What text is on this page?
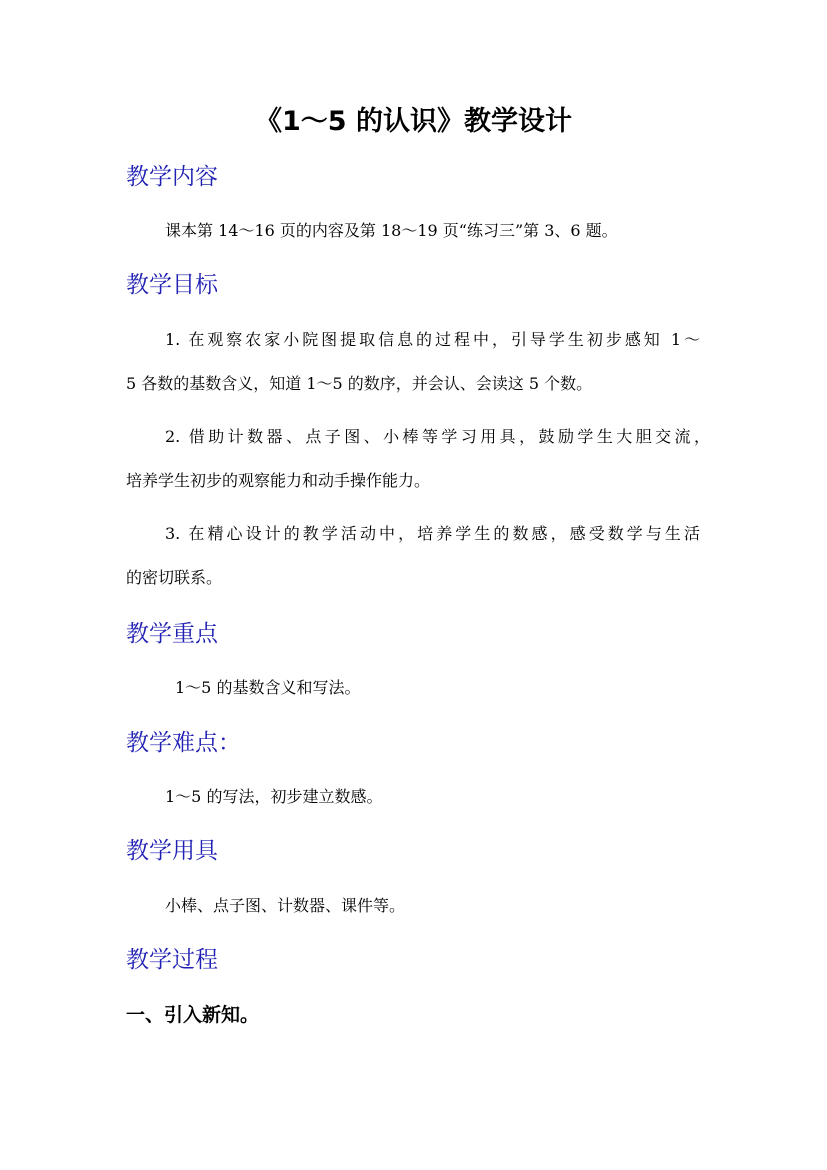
《1～5 的认识》教学设计
教学内容
课本第 14～16 页的内容及第 18～19 页“练习三”第 3、6 题。
教学目标
1. 在观察农家小院图提取信息的过程中，引导学生初步感知 1～
5 各数的基数含义，知道 1～5 的数序，并会认、会读这 5 个数。
2. 借助计数器、点子图、小棒等学习用具，鼓励学生大胆交流，
培养学生初步的观察能力和动手操作能力。
3. 在精心设计的教学活动中，培养学生的数感，感受数学与生活
的密切联系。
教学重点
1～5 的基数含义和写法。
教学难点：
1～5 的写法，初步建立数感。
教学用具
小棒、点子图、计数器、课件等。
教学过程
一、引入新知。
